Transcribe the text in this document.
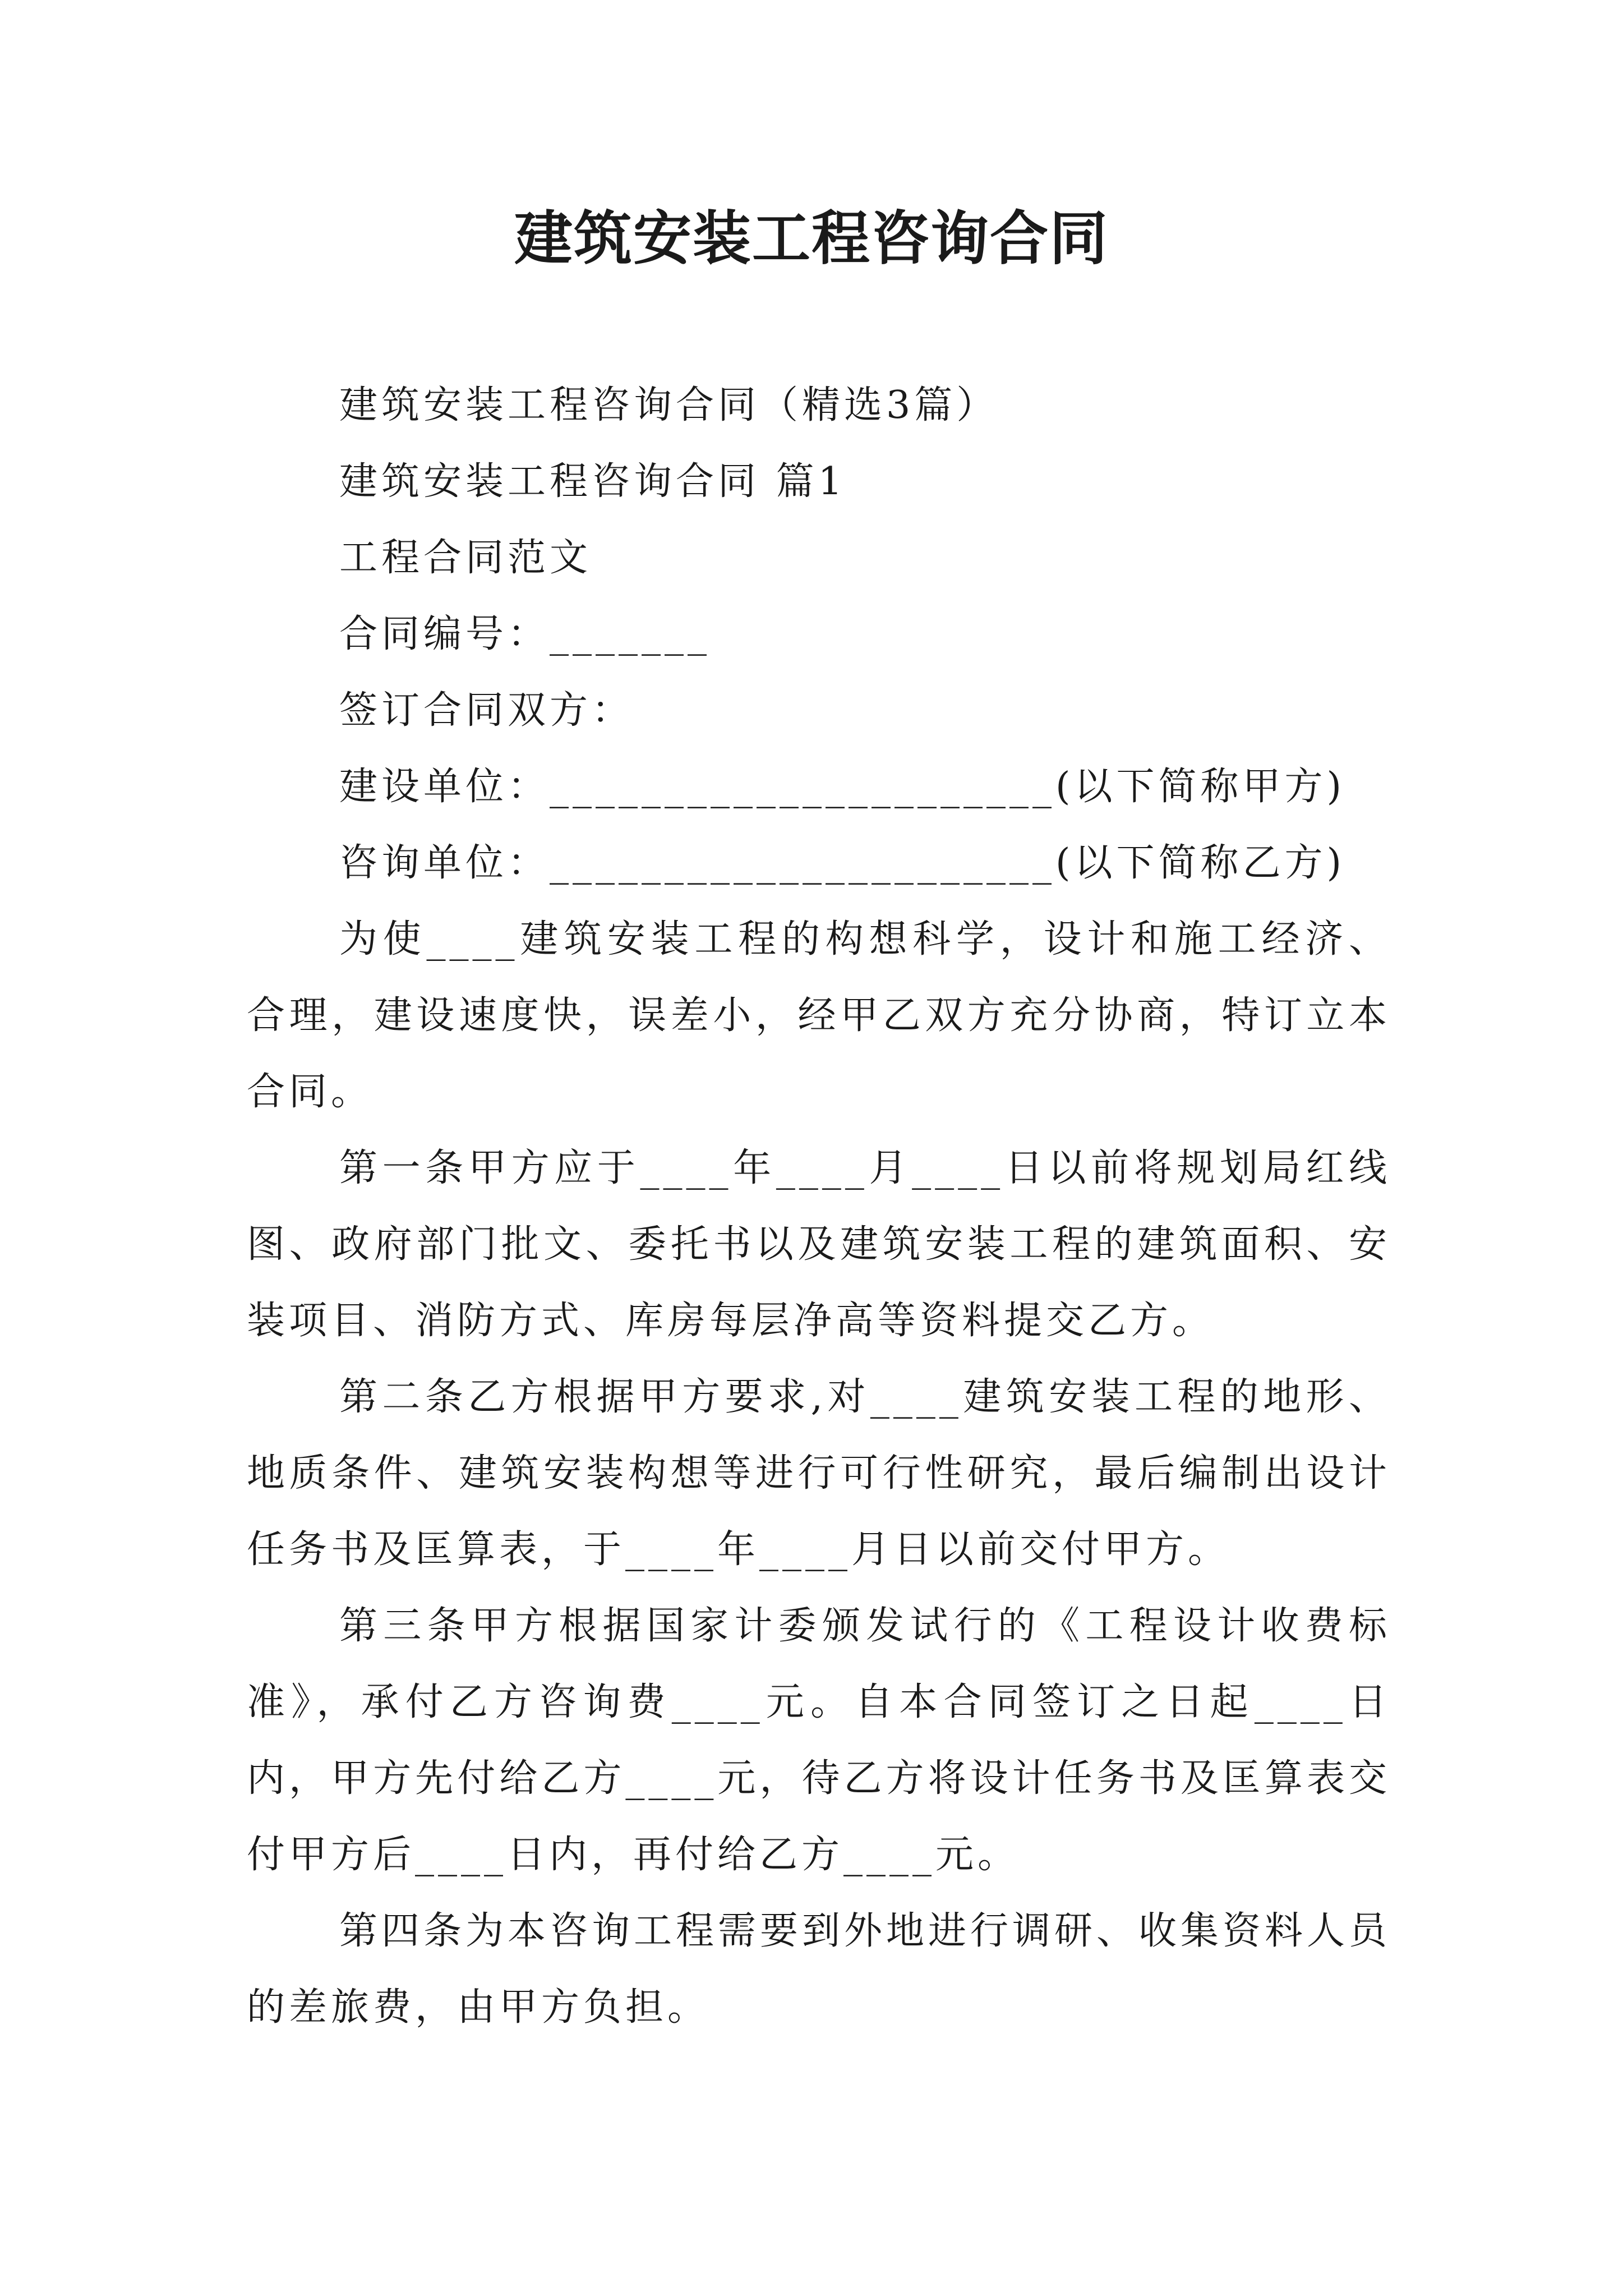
建筑安装工程咨询合同

建筑安装工程咨询合同（精选3篇）

建筑安装工程咨询合同 篇1

工程合同范文

合同编号：_______

签订合同双方：

建设单位：______________________(以下简称甲方)

咨询单位：______________________(以下简称乙方)

为使____建筑安装工程的构想科学，设计和施工经济、合理，建设速度快，误差小，经甲乙双方充分协商，特订立本合同。

第一条甲方应于____年____月____日以前将规划局红线图、政府部门批文、委托书以及建筑安装工程的建筑面积、安装项目、消防方式、库房每层净高等资料提交乙方。

第二条乙方根据甲方要求,对____建筑安装工程的地形、地质条件、建筑安装构想等进行可行性研究，最后编制出设计任务书及匡算表，于____年____月日以前交付甲方。

第三条甲方根据国家计委颁发试行的《工程设计收费标准》，承付乙方咨询费____元。自本合同签订之日起____日内，甲方先付给乙方____元，待乙方将设计任务书及匡算表交付甲方后____日内，再付给乙方____元。

第四条为本咨询工程需要到外地进行调研、收集资料人员的差旅费，由甲方负担。
